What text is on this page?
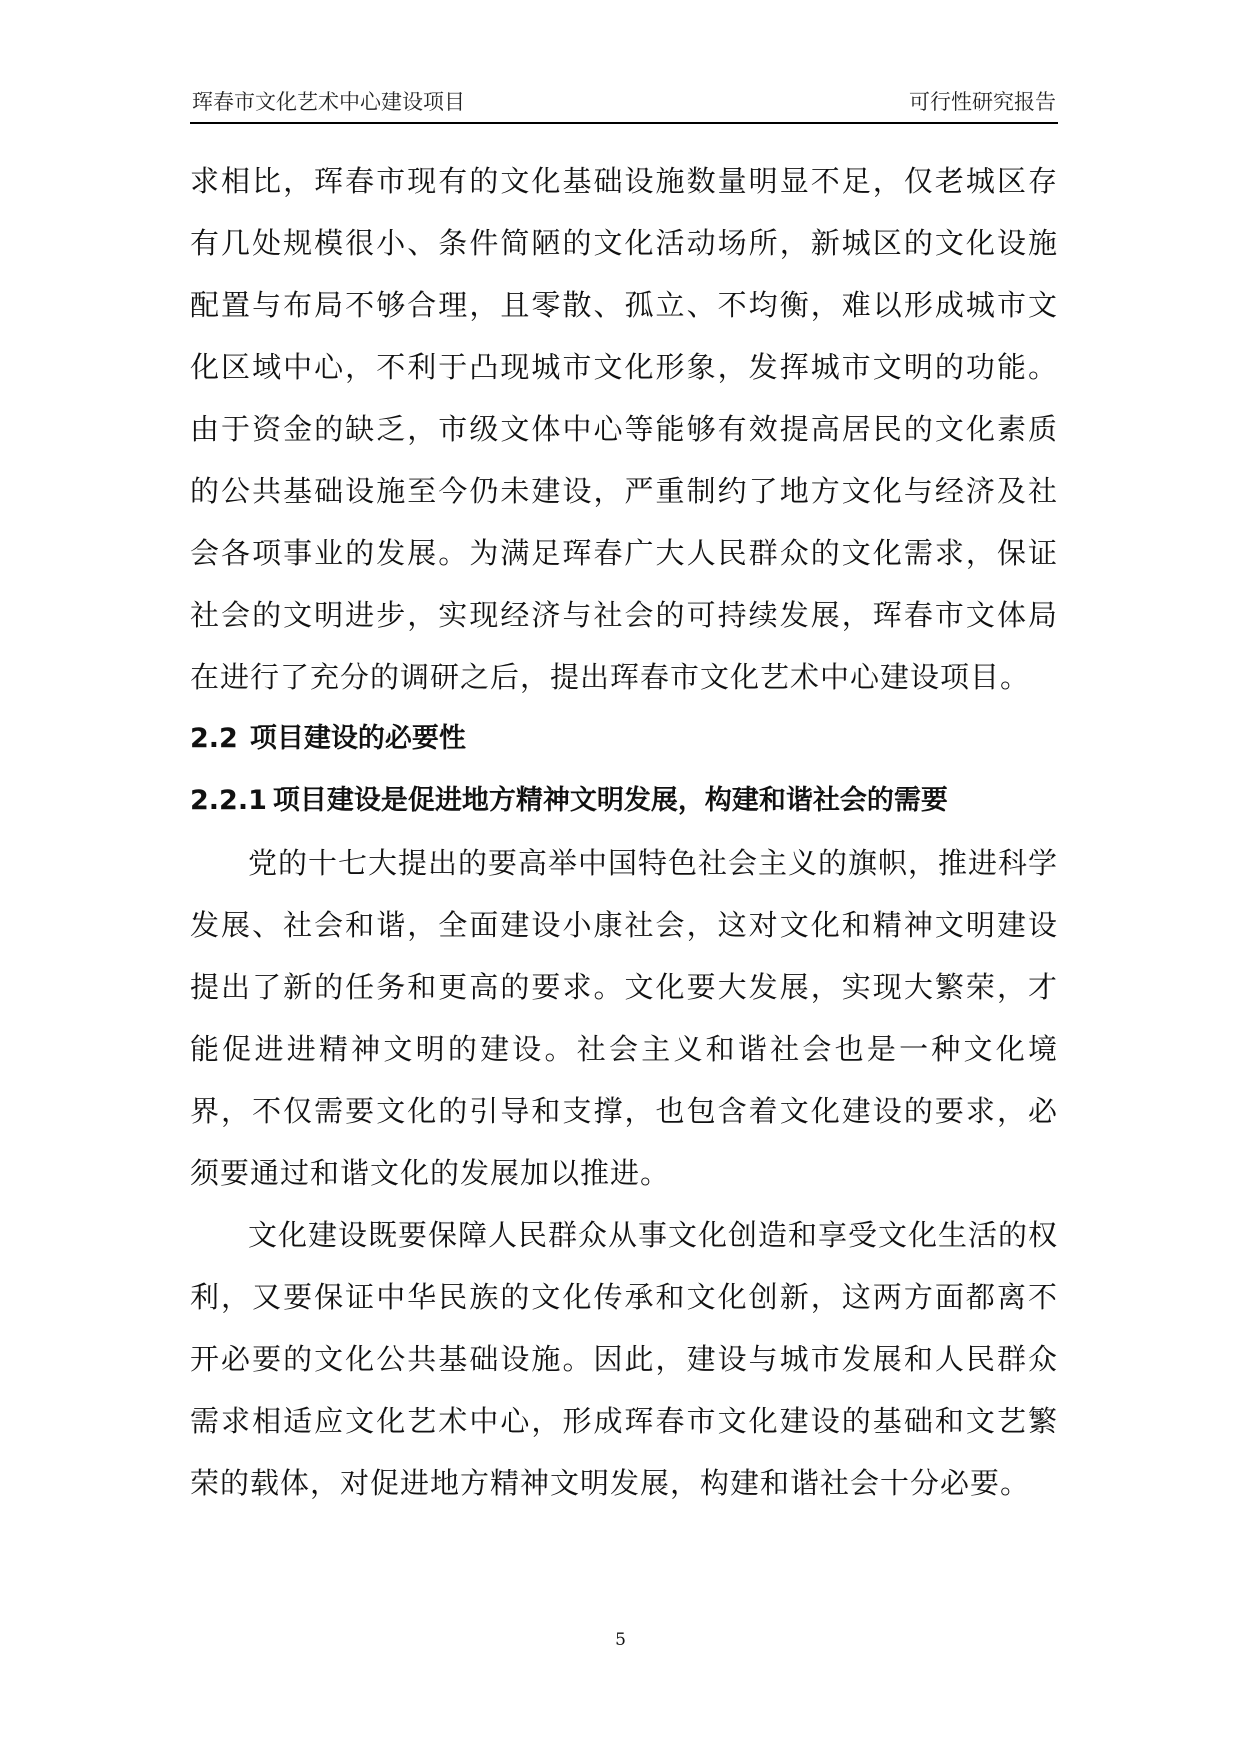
珲春市文化艺术中心建设项目	可行性研究报告

求相比，珲春市现有的文化基础设施数量明显不足，仅老城区存有几处规模很小、条件简陋的文化活动场所，新城区的文化设施配置与布局不够合理，且零散、孤立、不均衡，难以形成城市文化区域中心，不利于凸现城市文化形象，发挥城市文明的功能。由于资金的缺乏，市级文体中心等能够有效提高居民的文化素质的公共基础设施至今仍未建设，严重制约了地方文化与经济及社会各项事业的发展。为满足珲春广大人民群众的文化需求，保证社会的文明进步，实现经济与社会的可持续发展，珲春市文体局在进行了充分的调研之后，提出珲春市文化艺术中心建设项目。

2.2 项目建设的必要性
2.2.1 项目建设是促进地方精神文明发展，构建和谐社会的需要

党的十七大提出的要高举中国特色社会主义的旗帜，推进科学发展、社会和谐，全面建设小康社会，这对文化和精神文明建设提出了新的任务和更高的要求。文化要大发展，实现大繁荣，才能促进进精神文明的建设。社会主义和谐社会也是一种文化境界，不仅需要文化的引导和支撑，也包含着文化建设的要求，必须要通过和谐文化的发展加以推进。

文化建设既要保障人民群众从事文化创造和享受文化生活的权利，又要保证中华民族的文化传承和文化创新，这两方面都离不开必要的文化公共基础设施。因此，建设与城市发展和人民群众需求相适应文化艺术中心，形成珲春市文化建设的基础和文艺繁荣的载体，对促进地方精神文明发展，构建和谐社会十分必要。

5
